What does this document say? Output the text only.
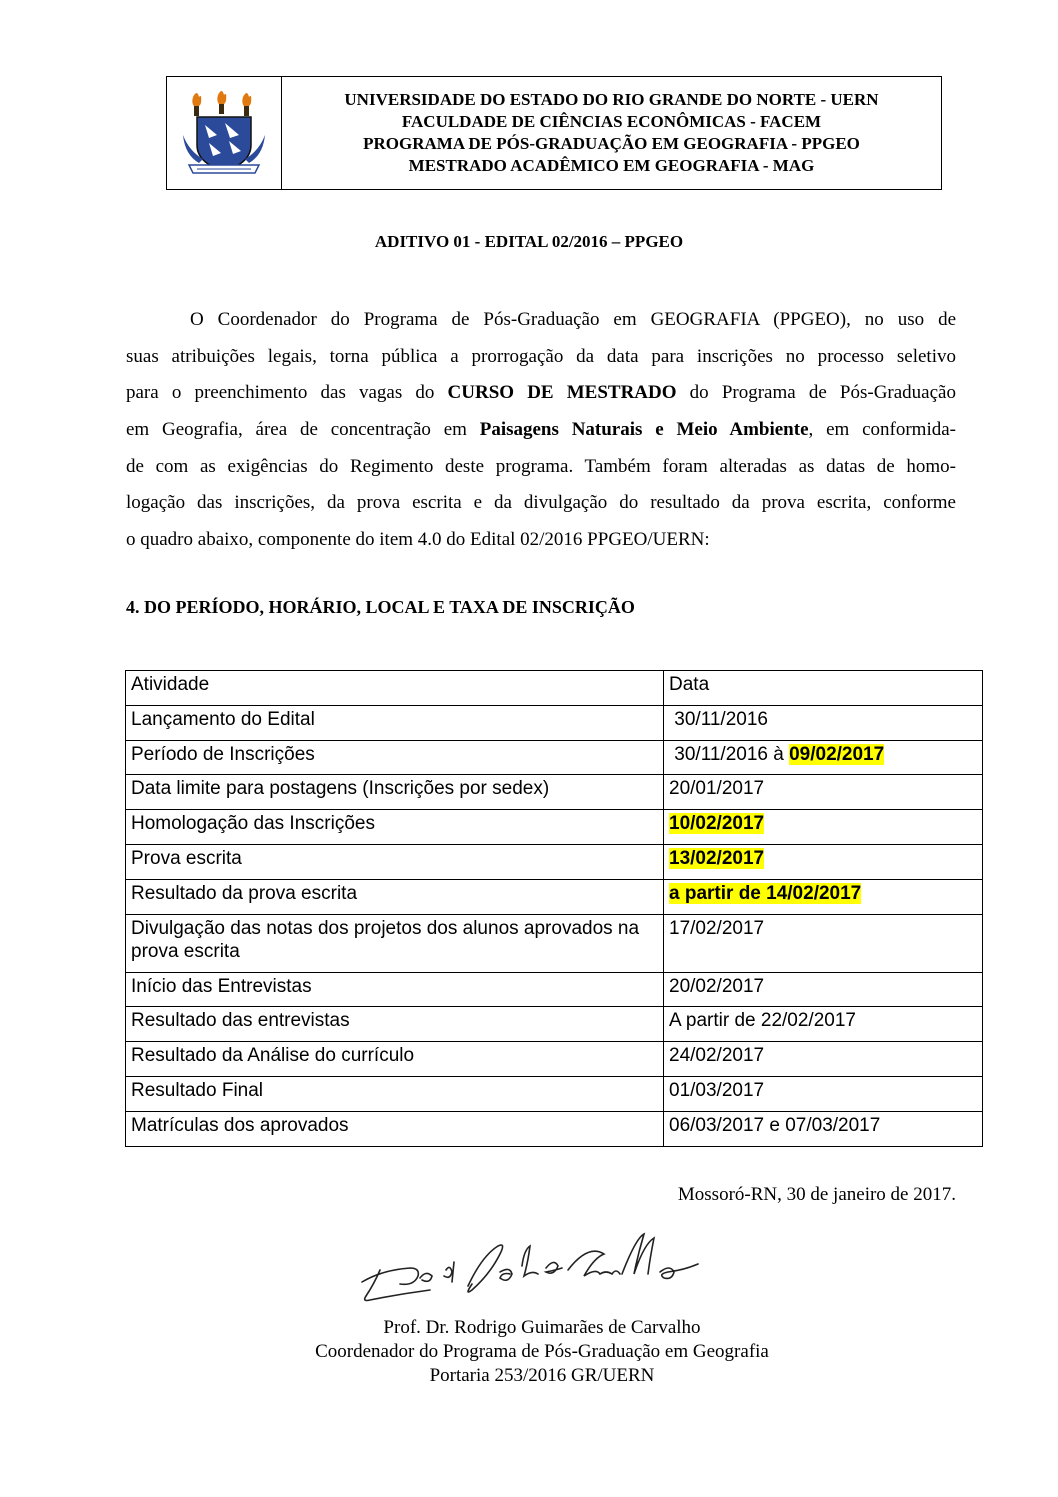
UNIVERSIDADE DO ESTADO DO RIO GRANDE DO NORTE - UERN
FACULDADE DE CIÊNCIAS ECONÔMICAS - FACEM
PROGRAMA DE PÓS-GRADUAÇÃO EM GEOGRAFIA - PPGEO
MESTRADO ACADÊMICO EM GEOGRAFIA - MAG
ADITIVO 01 - EDITAL 02/2016 – PPGEO
O Coordenador do Programa de Pós-Graduação em GEOGRAFIA (PPGEO), no uso de
suas atribuições legais, torna pública a prorrogação da data para inscrições no processo seletivo
para o preenchimento das vagas do CURSO DE MESTRADO do Programa de Pós-Graduação
em Geografia, área de concentração em Paisagens Naturais e Meio Ambiente, em conformida-
de com as exigências do Regimento deste programa. Também foram alteradas as datas de homo-
logação das inscrições, da prova escrita e da divulgação do resultado da prova escrita, conforme
o quadro abaixo, componente do item 4.0 do Edital 02/2016 PPGEO/UERN:
4. DO PERÍODO, HORÁRIO, LOCAL E TAXA DE INSCRIÇÃO
Atividade	Data
Lançamento do Edital	30/11/2016
Período de Inscrições	30/11/2016 à 09/02/2017
Data limite para postagens (Inscrições por sedex)	20/01/2017
Homologação das Inscrições	10/02/2017
Prova escrita	13/02/2017
Resultado da prova escrita	a partir de 14/02/2017
Divulgação das notas dos projetos dos alunos aprovados na prova escrita	17/02/2017
Início das Entrevistas	20/02/2017
Resultado das entrevistas	A partir de 22/02/2017
Resultado da Análise do currículo	24/02/2017
Resultado Final	01/03/2017
Matrículas dos aprovados	06/03/2017 e 07/03/2017
Mossoró-RN, 30 de janeiro de 2017.
Prof. Dr. Rodrigo Guimarães de Carvalho
Coordenador do Programa de Pós-Graduação em Geografia
Portaria 253/2016 GR/UERN
